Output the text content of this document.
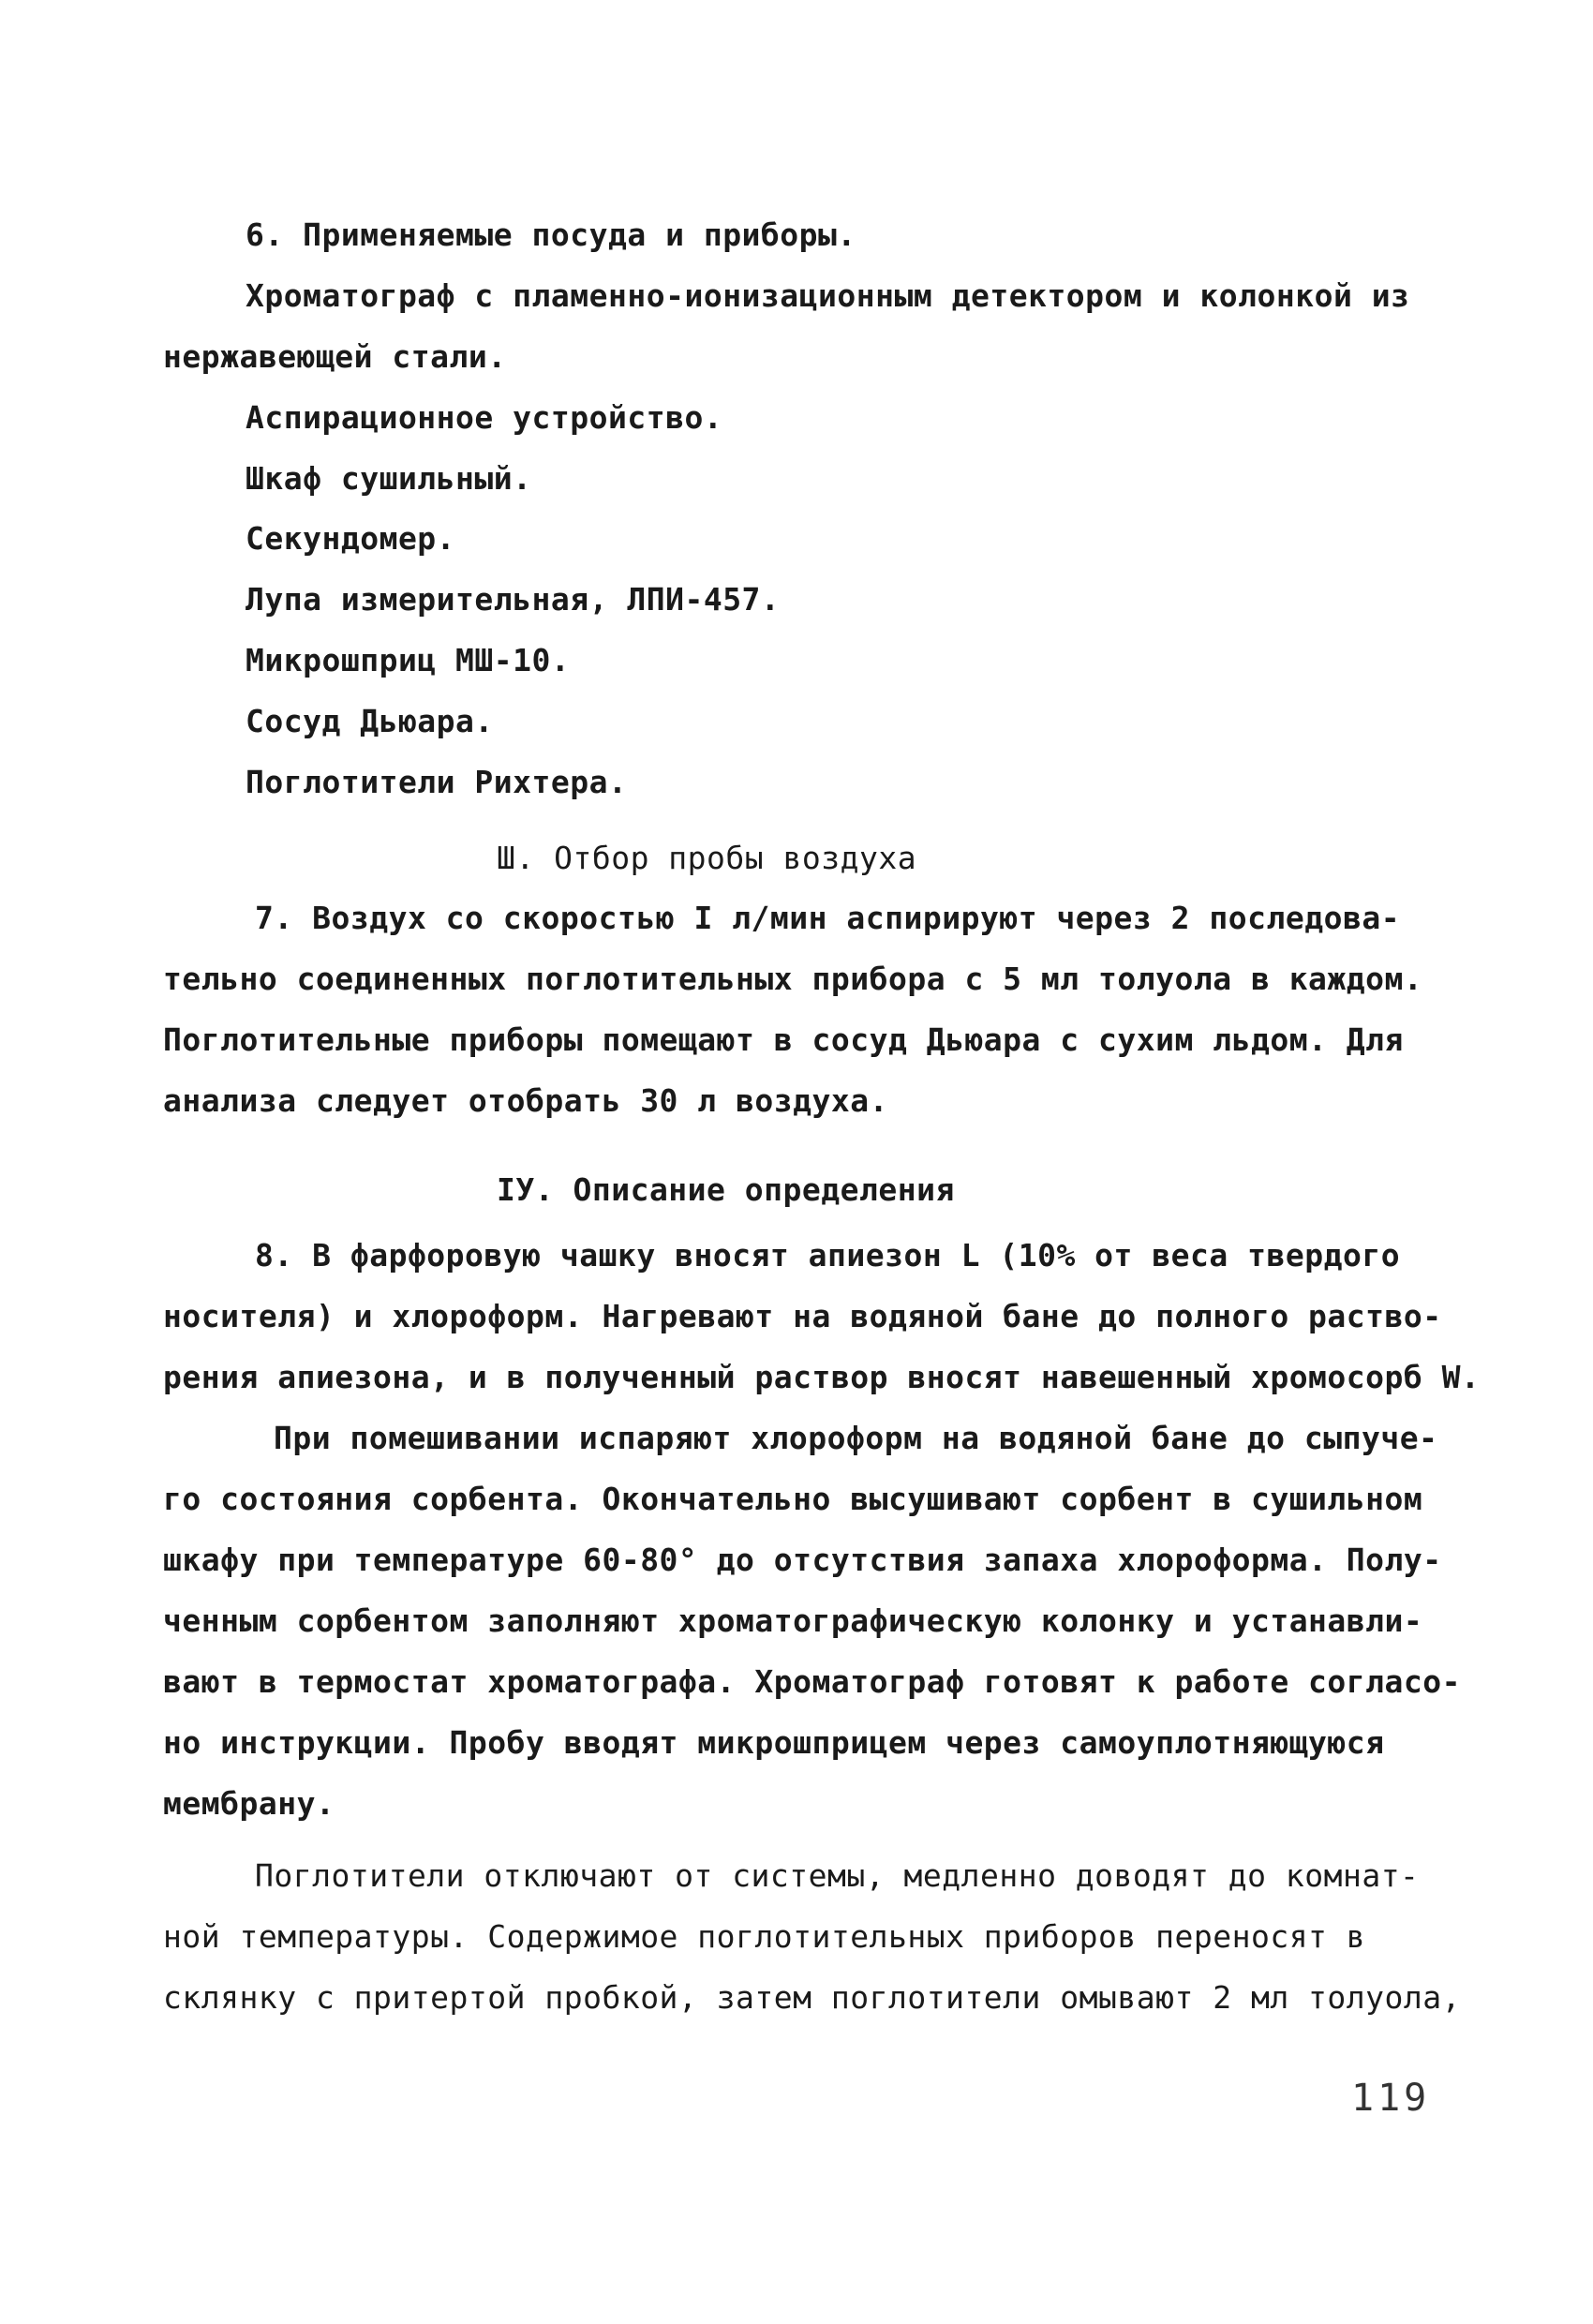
6. Применяемые посуда и приборы.
Хроматограф с пламенно-ионизационным детектором и колонкой из
нержавеющей стали.
Аспирационное устройство.
Шкаф сушильный.
Секундомер.
Лупа измерительная, ЛПИ-457.
Микрошприц МШ-10.
Сосуд Дьюара.
Поглотители Рихтера.
Ш. Отбор пробы воздуха
7. Воздух со скоростью I л/мин аспирируют через 2 последова-
тельно соединенных поглотительных прибора с 5 мл толуола в каждом.
Поглотительные приборы помещают в сосуд Дьюара с сухим льдом. Для
анализа следует отобрать 30 л воздуха.
IУ. Описание определения
8. В фарфоровую чашку вносят апиезон L (10% от веса твердого
носителя) и хлороформ. Нагревают на водяной бане до полного раство-
рения апиезона, и в полученный раствор вносят навешенный хромосорб W.
При помешивании испаряют хлороформ на водяной бане до сыпуче-
го состояния сорбента. Окончательно высушивают сорбент в сушильном
шкафу при температуре 60-80° до отсутствия запаха хлороформа. Полу-
ченным сорбентом заполняют хроматографическую колонку и устанавли-
вают в термостат хроматографа. Хроматограф готовят к работе согласо-
но инструкции. Пробу вводят микрошприцем через самоуплотняющуюся
мембрану.
Поглотители отключают от системы, медленно доводят до комнат-
ной температуры. Содержимое поглотительных приборов переносят в
склянку с притертой пробкой, затем поглотители омывают 2 мл толуола,
119
